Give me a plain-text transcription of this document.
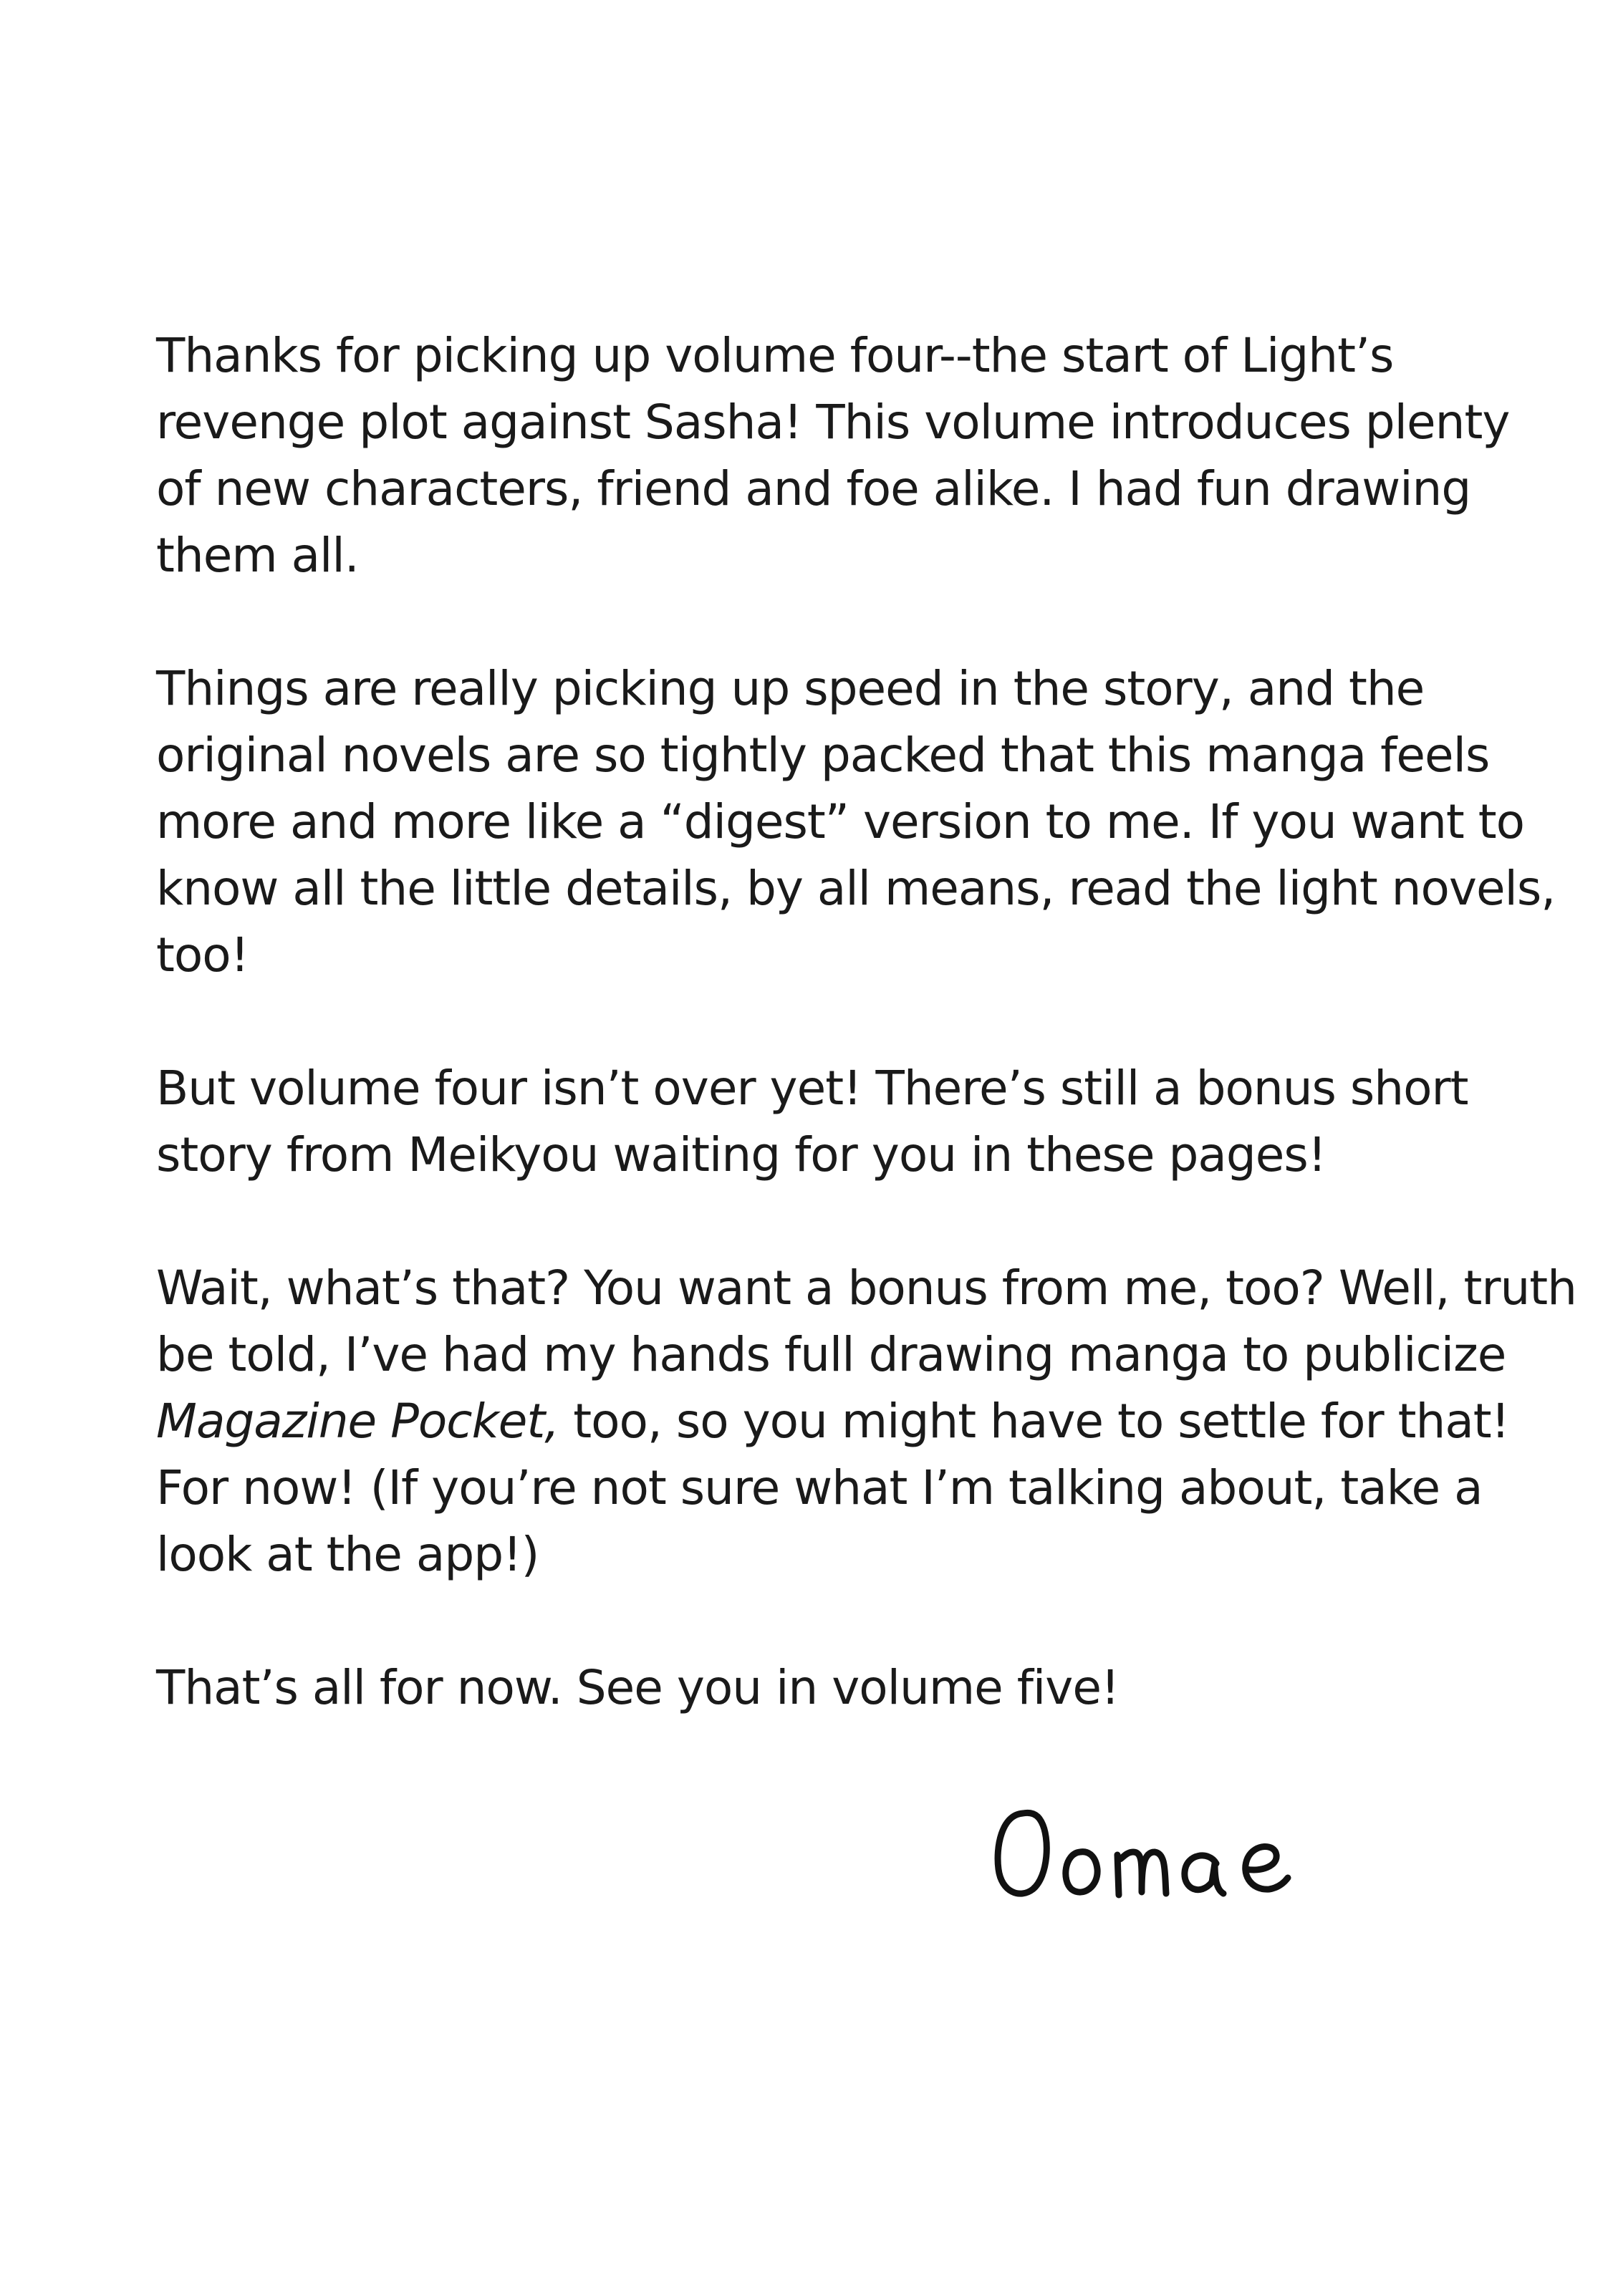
Thanks for picking up volume four--the start of Light’s
revenge plot against Sasha! This volume introduces plenty
of new characters, friend and foe alike. I had fun drawing
them all.
Things are really picking up speed in the story, and the
original novels are so tightly packed that this manga feels
more and more like a “digest” version to me. If you want to
know all the little details, by all means, read the light novels,
too!
But volume four isn’t over yet! There’s still a bonus short
story from Meikyou waiting for you in these pages!
Wait, what’s that? You want a bonus from me, too? Well, truth
be told, I’ve had my hands full drawing manga to publicize
Magazine Pocket, too, so you might have to settle for that!
For now! (If you’re not sure what I’m talking about, take a
look at the app!)
That’s all for now. See you in volume five!
